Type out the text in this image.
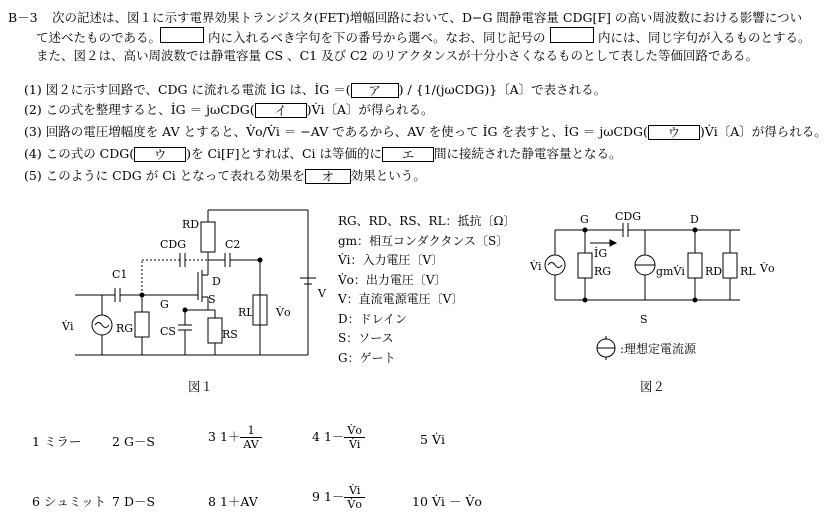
B－3 次の記述は、図１に示す電界効果トランジスタ(FET)増幅回路において、D−G 間静電容量 CDG[F] の高い周波数における影響につい
て述べたものである。	内に入れるべき字句を下の番号から選べ。なお、同じ記号の	内には、同じ字句が入るものとする。
また、図２は、高い周波数では静電容量 CS 、C1 及び C2 のリアクタンスが十分小さくなるものとして表した等価回路である。
(1) 図２に示す回路で、CDG に流れる電流 İG は、İG ＝( ア ) / {1/(jωCDG)}〔A〕で表される。
(2) この式を整理すると、İG ＝ jωCDG( イ )V̇i〔A〕が得られる。
(3) 回路の電圧増幅度を AV とすると、V̇o/V̇i ＝ −AV であるから、AV を使って İG を表すと、İG ＝ jωCDG( ウ )V̇i〔A〕が得られる。
(4) この式の CDG( ウ )を Ci[F]とすれば、Ci は等価的に エ 間に接続された静電容量となる。
(5) このように CDG が Ci となって表れる効果を オ 効果という。
RD
CDG	C2
C1
D
S
G
RG CS	RS
RL V̇o
V
V̇i
図１
RG、RD、RS、RL：抵抗〔Ω〕
gm：相互コンダクタンス〔S〕
V̇i：入力電圧〔V〕
V̇o：出力電圧〔V〕
V：直流電源電圧〔V〕
D：ドレイン
S：ソース
G：ゲート
G CDG	D
İG
V̇i	RG	gmV̇i RD RL V̇o
S
:理想定電流源
図２
1 ミラー 2 G－S	3 $1+ \frac{1}{AV}$	4 $1- \frac{V̇o}{V̇i}$	5 V̇i
6 シュミット 7 D－S	8 1＋AV	9 $1- \frac{V̇i}{V̇o}$	10 V̇i － V̇o
